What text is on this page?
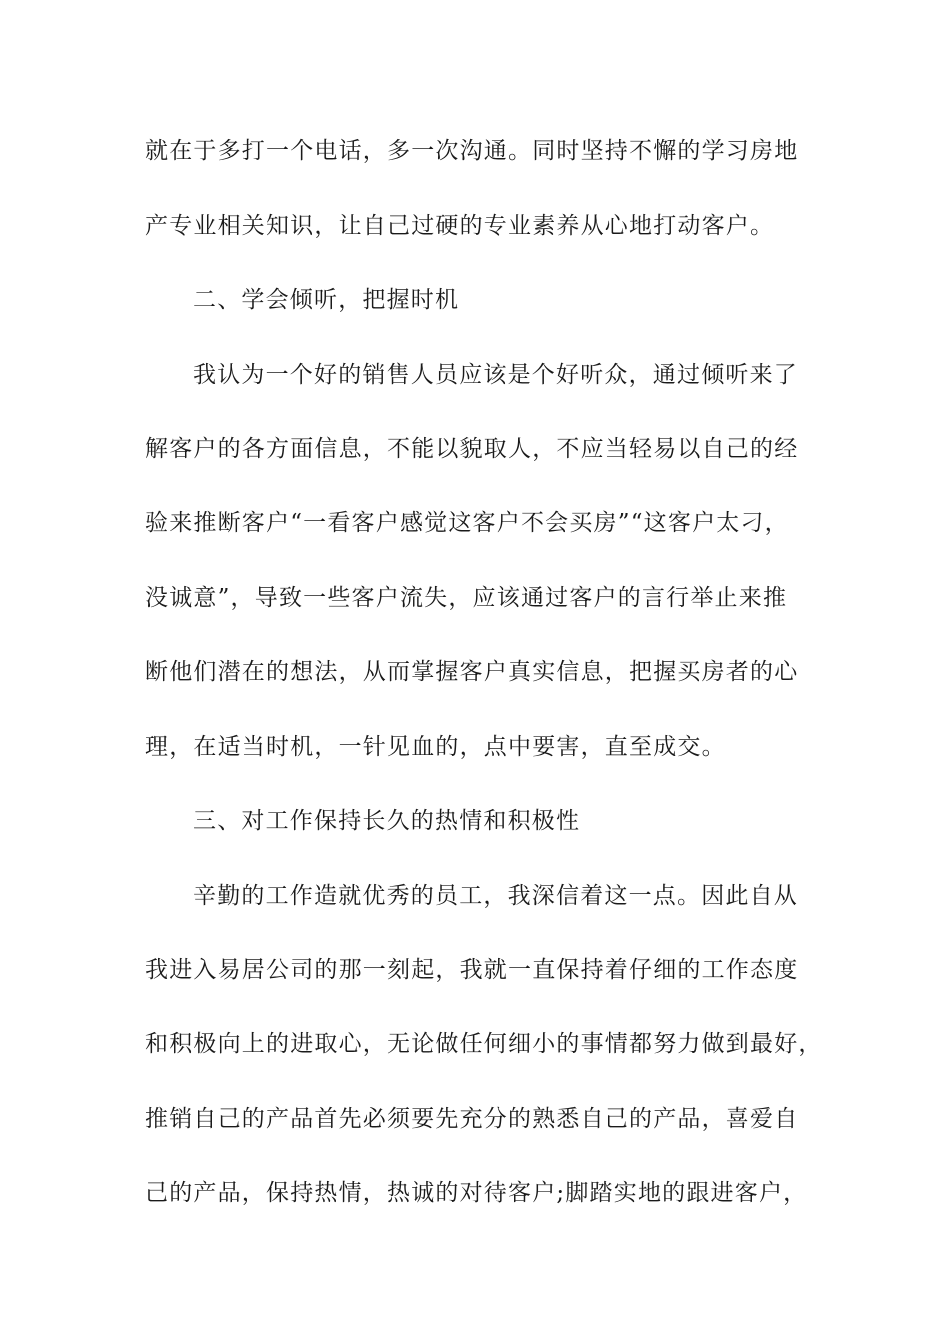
就在于多打一个电话，多一次沟通。同时坚持不懈的学习房地
产专业相关知识，让自己过硬的专业素养从心地打动客户。
二、学会倾听，把握时机
我认为一个好的销售人员应该是个好听众，通过倾听来了
解客户的各方面信息，不能以貌取人，不应当轻易以自己的经
验来推断客户“一看客户感觉这客户不会买房”“这客户太刁，
没诚意”，导致一些客户流失，应该通过客户的言行举止来推
断他们潜在的想法，从而掌握客户真实信息，把握买房者的心
理，在适当时机，一针见血的，点中要害，直至成交。
三、对工作保持长久的热情和积极性
辛勤的工作造就优秀的员工，我深信着这一点。因此自从
我进入易居公司的那一刻起，我就一直保持着仔细的工作态度
和积极向上的进取心，无论做任何细小的事情都努力做到最好，
推销自己的产品首先必须要先充分的熟悉自己的产品，喜爱自
己的产品，保持热情，热诚的对待客户;脚踏实地的跟进客户，
